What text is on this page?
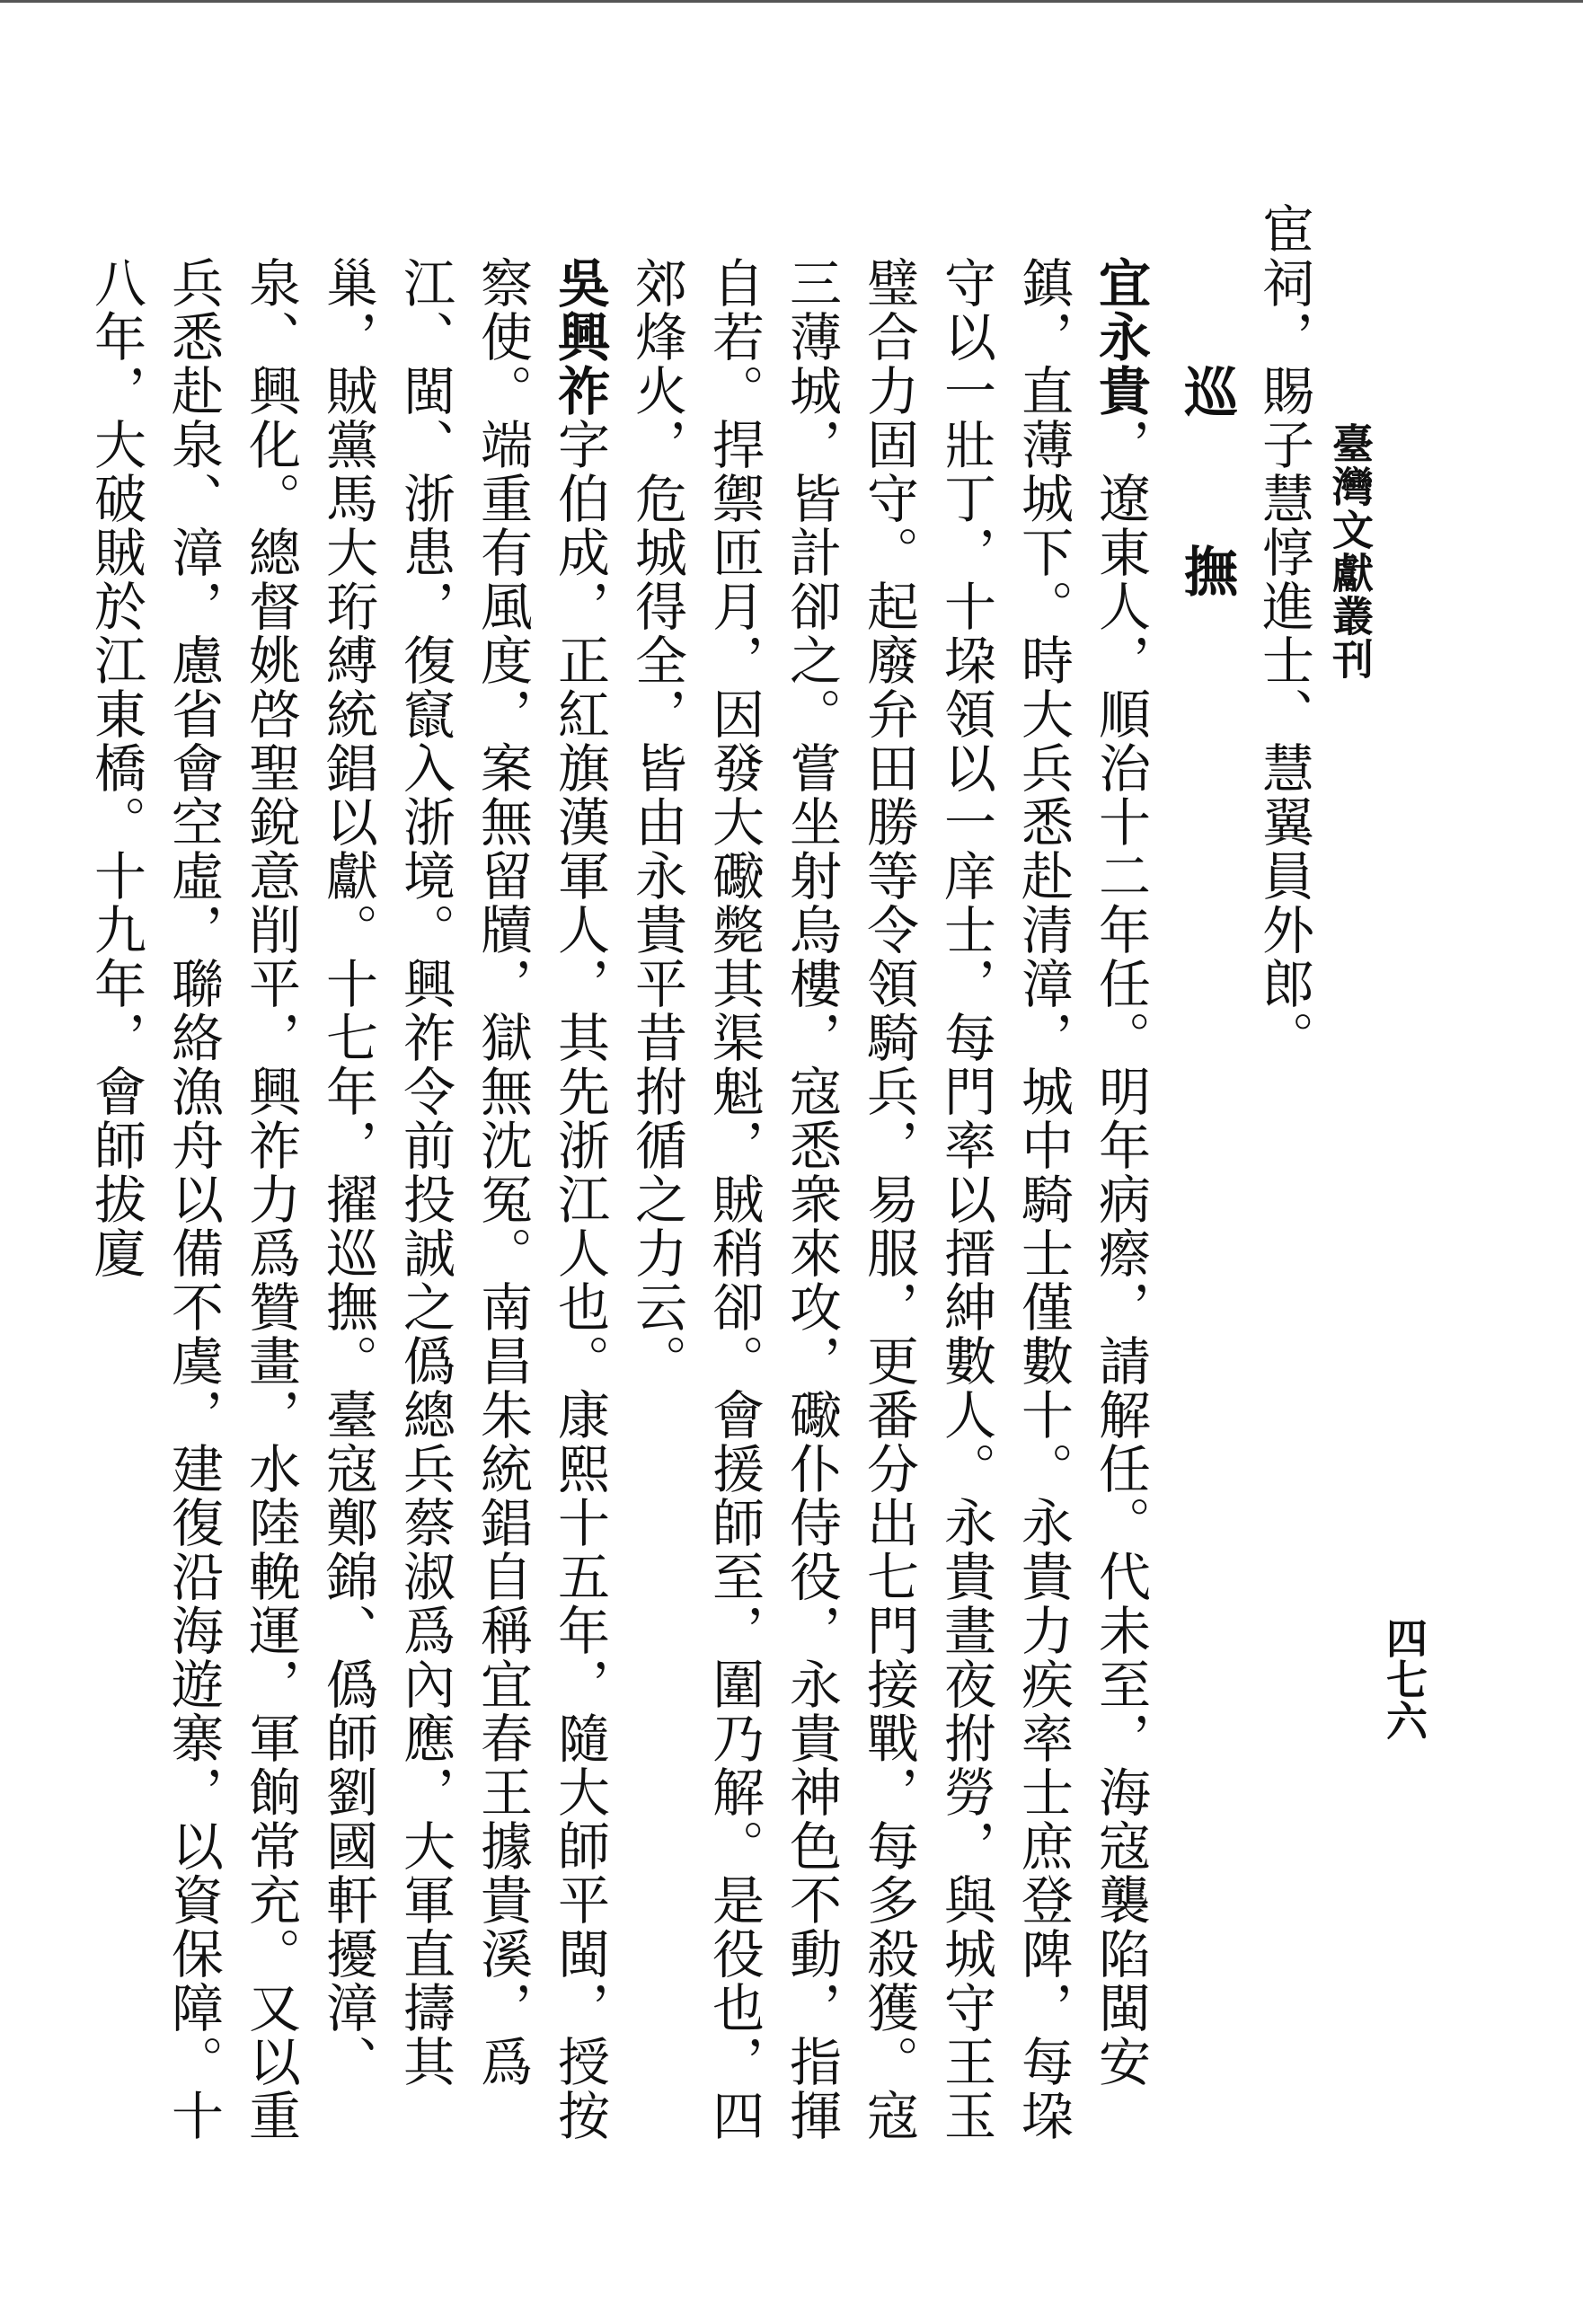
臺灣文獻叢刊
四七六

宦祠，賜子慧惇進士、慧翼員外郎。

巡　撫

宜永貴，遼東人，順治十二年任。明年病瘵，請解任。代未至，海寇襲陷閩安鎮，直薄城下。時大兵悉赴清漳，城中騎士僅數十。永貴力疾率士庶登陴，每垜守以一壯丁，十垜領以一庠士，每門率以搢紳數人。永貴晝夜拊勞，與城守王玉璧合力固守。起廢弁田勝等令領騎兵，易服，更番分出七門接戰，每多殺獲。寇三薄城，皆計卻之。嘗坐射烏樓，寇悉衆來攻，礮仆侍役，永貴神色不動，指揮自若。捍禦匝月，因發大礮斃其渠魁，賊稍卻。會援師至，圍乃解。是役也，四郊烽火，危城得全，皆由永貴平昔拊循之力云。

吳興祚字伯成，正紅旗漢軍人，其先浙江人也。康熙十五年，隨大師平閩，授按察使。端重有風度，案無留牘，獄無沈冤。南昌朱統錩自稱宜春王據貴溪，爲江、閩、浙患，復竄入浙境。興祚令前投誠之僞總兵蔡淑爲內應，大軍直擣其巢，賊黨馬大珩縛統錩以獻。十七年，擢巡撫。臺寇鄭錦、僞師劉國軒擾漳、泉、興化。總督姚啓聖銳意削平，興祚力爲贊畫，水陸輓運，軍餉常充。又以重兵悉赴泉、漳，慮省會空虛，聯絡漁舟以備不虞，建復沿海遊寨，以資保障。十八年，大破賊於江東橋。十九年，會師拔廈
